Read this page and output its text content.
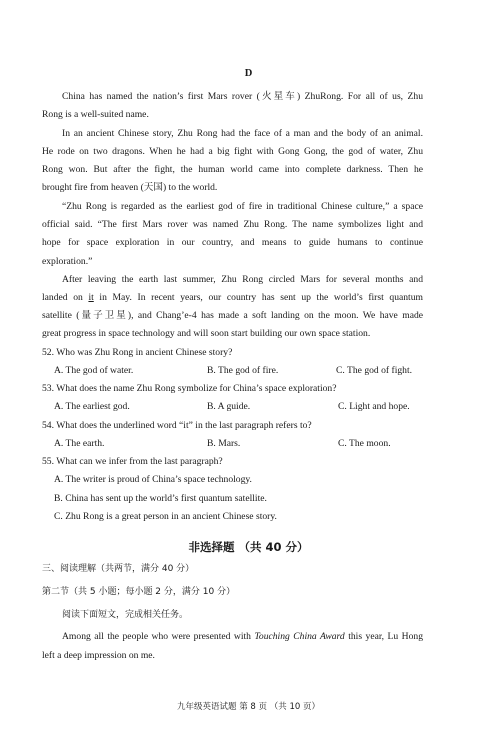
D
China has named the nation’s first Mars rover (火星车) ZhuRong. For all of us, Zhu
Rong is a well-suited name.
In an ancient Chinese story, Zhu Rong had the face of a man and the body of an animal.
He rode on two dragons. When he had a big fight with Gong Gong, the god of water, Zhu
Rong won. But after the fight, the human world came into complete darkness. Then he
brought fire from heaven (天国) to the world.
“Zhu Rong is regarded as the earliest god of fire in traditional Chinese culture,” a space
official said. “The first Mars rover was named Zhu Rong. The name symbolizes light and
hope for space exploration in our country, and means to guide humans to continue
exploration.”
After leaving the earth last summer, Zhu Rong circled Mars for several months and
landed on it in May. In recent years, our country has sent up the world’s first quantum
satellite (量子卫星), and Chang’e-4 has made a soft landing on the moon. We have made
great progress in space technology and will soon start building our own space station.
52. Who was Zhu Rong in ancient Chinese story?
A. The god of water.	B. The god of fire.	C. The god of fight.
53. What does the name Zhu Rong symbolize for China’s space exploration?
A. The earliest god.	B. A guide.	C. Light and hope.
54. What does the underlined word “it” in the last paragraph refers to?
A. The earth.	B. Mars.	C. The moon.
55. What can we infer from the last paragraph?
A. The writer is proud of China’s space technology.
B. China has sent up the world’s first quantum satellite.
C. Zhu Rong is a great person in an ancient Chinese story.
非选择题 （共 40 分）
三、阅读理解（共两节，满分 40 分）
第二节（共 5 小题；每小题 2 分，满分 10 分）
阅读下面短文，完成相关任务。
Among all the people who were presented with Touching China Award this year, Lu Hong
left a deep impression on me.
九年级英语试题 第 8 页 （共 10 页）
